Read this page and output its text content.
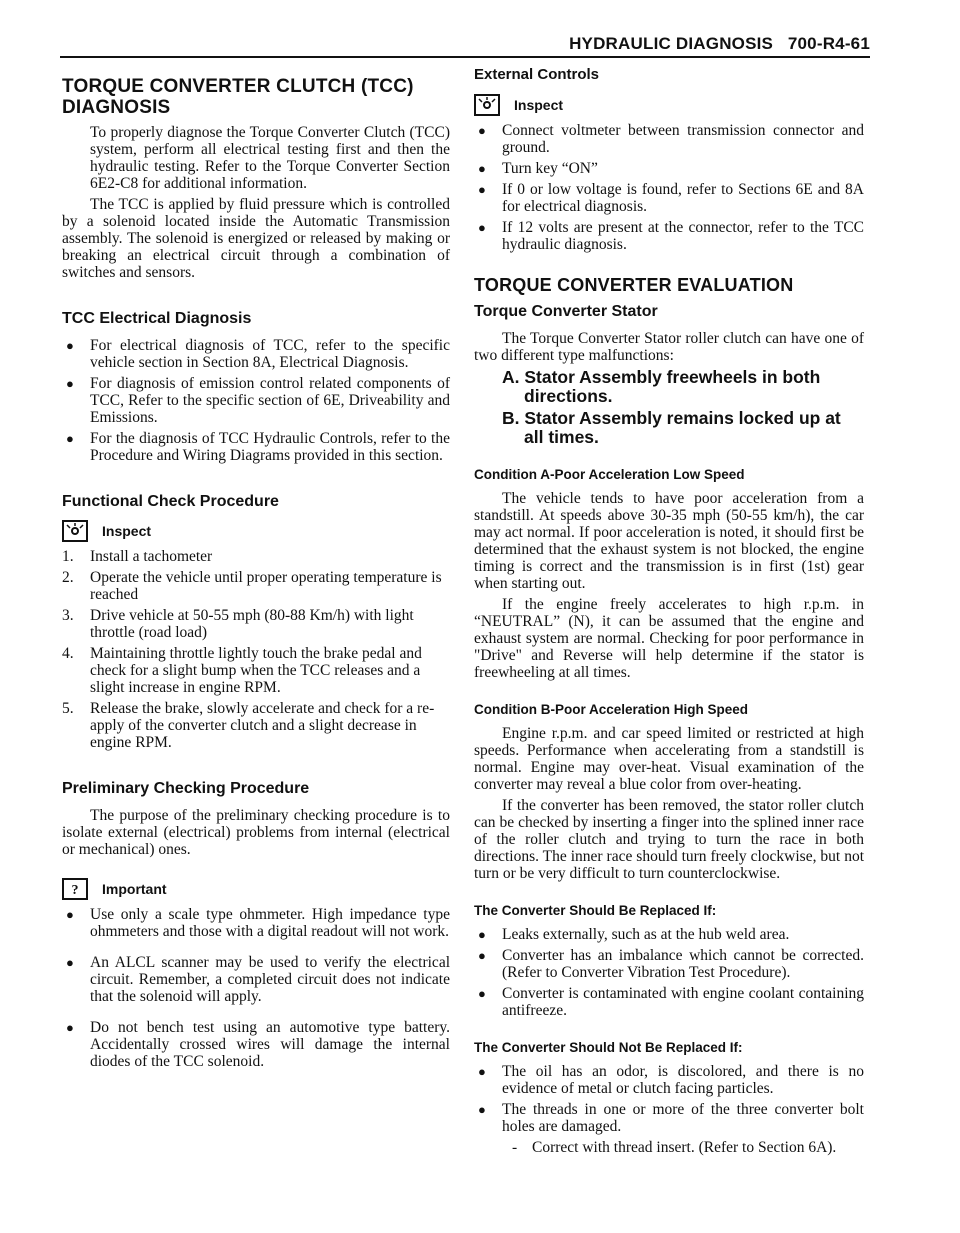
HYDRAULIC DIAGNOSIS   700-R4-61
TORQUE CONVERTER CLUTCH (TCC) DIAGNOSIS

To properly diagnose the Torque Converter Clutch (TCC) system, perform all electrical testing first and then the hydraulic testing. Refer to the Torque Converter Section 6E2-C8 for additional information.

The TCC is applied by fluid pressure which is controlled by a solenoid located inside the Automatic Transmission assembly. The solenoid is energized or released by making or breaking an electrical circuit through a combination of switches and sensors.

TCC Electrical Diagnosis
● For electrical diagnosis of TCC, refer to the specific vehicle section in Section 8A, Electrical Diagnosis.
● For diagnosis of emission control related components of TCC, Refer to the specific section of 6E, Driveability and Emissions.
● For the diagnosis of TCC Hydraulic Controls, refer to the Procedure and Wiring Diagrams provided in this section.
Functional Check Procedure
Inspect
1. Install a tachometer
2. Operate the vehicle until proper operating temperature is reached
3. Drive vehicle at 50-55 mph (80-88 Km/h) with light throttle (road load)
4. Maintaining throttle lightly touch the brake pedal and check for a slight bump when the TCC releases and a slight increase in engine RPM.
5. Release the brake, slowly accelerate and check for a re-apply of the converter clutch and a slight decrease in engine RPM.
Preliminary Checking Procedure

The purpose of the preliminary checking procedure is to isolate external (electrical) problems from internal (electrical or mechanical) ones.

? Important
● Use only a scale type ohmmeter. High impedance type ohmmeters and those with a digital readout will not work.
● An ALCL scanner may be used to verify the electrical circuit. Remember, a completed circuit does not indicate that the solenoid will apply.
● Do not bench test using an automotive type battery. Accidentally crossed wires will damage the internal diodes of the TCC solenoid.
External Controls
Inspect
● Connect voltmeter between transmission connector and ground.
● Turn key “ON”
● If 0 or low voltage is found, refer to Sections 6E and 8A for electrical diagnosis.
● If 12 volts are present at the connector, refer to the TCC hydraulic diagnosis.
TORQUE CONVERTER EVALUATION
Torque Converter Stator

The Torque Converter Stator roller clutch can have one of two different type malfunctions:

A. Stator Assembly freewheels in both directions.
B. Stator Assembly remains locked up at all times.
Condition A-Poor Acceleration Low Speed

The vehicle tends to have poor acceleration from a standstill. At speeds above 30-35 mph (50-55 km/h), the car may act normal. If poor acceleration is noted, it should first be determined that the exhaust system is not blocked, the engine timing is correct and the transmission is in first (1st) gear when starting out.

If the engine freely accelerates to high r.p.m. in “NEUTRAL” (N), it can be assumed that the engine and exhaust system are normal. Checking for poor performance in "Drive" and Reverse will help determine if the stator is freewheeling at all times.

Condition B-Poor Acceleration High Speed

Engine r.p.m. and car speed limited or restricted at high speeds. Performance when accelerating from a standstill is normal. Engine may over-heat. Visual examination of the converter may reveal a blue color from over-heating.

If the converter has been removed, the stator roller clutch can be checked by inserting a finger into the splined inner race of the roller clutch and trying to turn the race in both directions. The inner race should turn freely clockwise, but not turn or be very difficult to turn counterclockwise.

The Converter Should Be Replaced If:
● Leaks externally, such as at the hub weld area.
● Converter has an imbalance which cannot be corrected. (Refer to Converter Vibration Test Procedure).
● Converter is contaminated with engine coolant containing antifreeze.
The Converter Should Not Be Replaced If:
● The oil has an odor, is discolored, and there is no evidence of metal or clutch facing particles.
● The threads in one or more of the three converter bolt holes are damaged.
- Correct with thread insert. (Refer to Section 6A).
